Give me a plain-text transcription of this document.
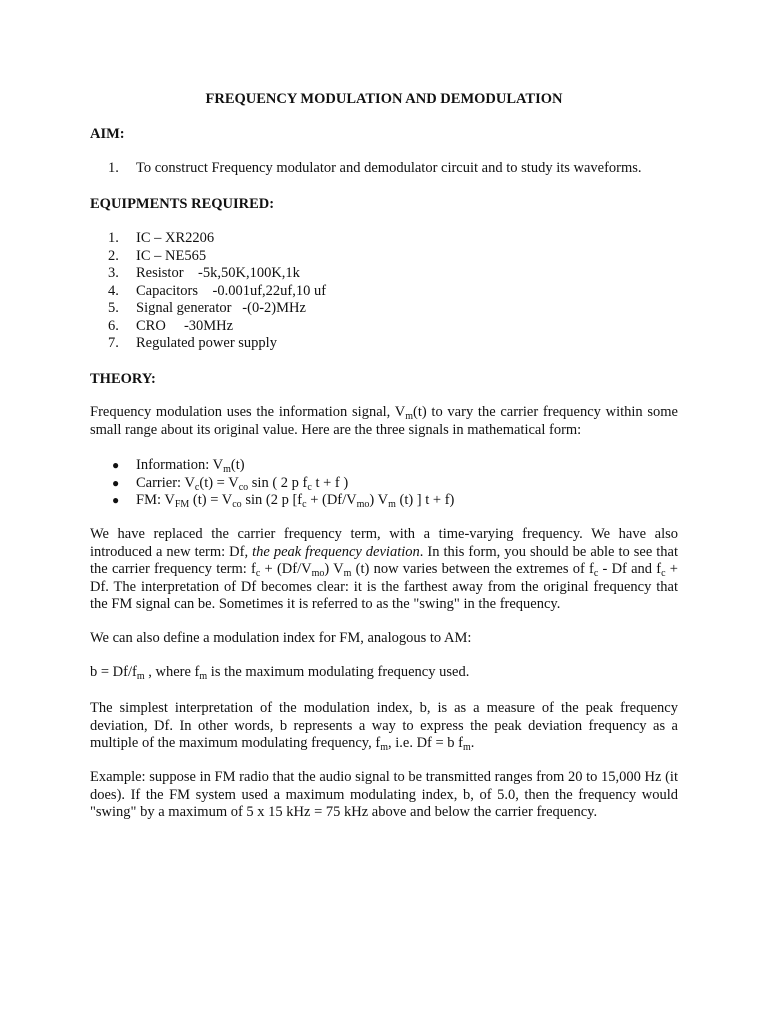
FREQUENCY MODULATION AND DEMODULATION
AIM:
1.	To construct Frequency modulator and demodulator circuit and to study its waveforms.
EQUIPMENTS REQUIRED:
1.	IC – XR2206
2.	IC – NE565
3.	Resistor    -5k,50K,100K,1k
4.	Capacitors    -0.001uf,22uf,10 uf
5.	Signal generator   -(0-2)MHz
6.	CRO     -30MHz
7.	Regulated power supply
THEORY:
Frequency modulation uses the information signal, $V_m(t)$ to vary the carrier frequency within some small range about its original value. Here are the three signals in mathematical form:
●	Information: $V_m(t)$
●	Carrier: $V_c(t) = V_{co}$ sin ( 2 p $f_c$ t + f )
●	FM: $V_{FM}$ $(t) = V_{co}$ sin (2 p [$f_c + (Df/V_{mo})$ $V_m$ (t) ] t + f)
We have replaced the carrier frequency term, with a time-varying frequency. We have also introduced a new term: Df, the peak frequency deviation. In this form, you should be able to see that the carrier frequency term: $f_c + (Df/V_{mo})$ $V_m$ (t) now varies between the extremes of $f_c$ - Df and $f_c + Df$. The interpretation of Df becomes clear: it is the farthest away from the original frequency that the FM signal can be. Sometimes it is referred to as the "swing" in the frequency.
We can also define a modulation index for FM, analogous to AM:
$b = Df/f_m$ , where $f_m$ is the maximum modulating frequency used.
The simplest interpretation of the modulation index, b, is as a measure of the peak frequency deviation, Df. In other words, b represents a way to express the peak deviation frequency as a multiple of the maximum modulating frequency, $f_m$, i.e. Df = b $f_m$.
Example: suppose in FM radio that the audio signal to be transmitted ranges from 20 to 15,000 Hz (it does). If the FM system used a maximum modulating index, b, of 5.0, then the frequency would "swing" by a maximum of 5 x 15 kHz = 75 kHz above and below the carrier frequency.
